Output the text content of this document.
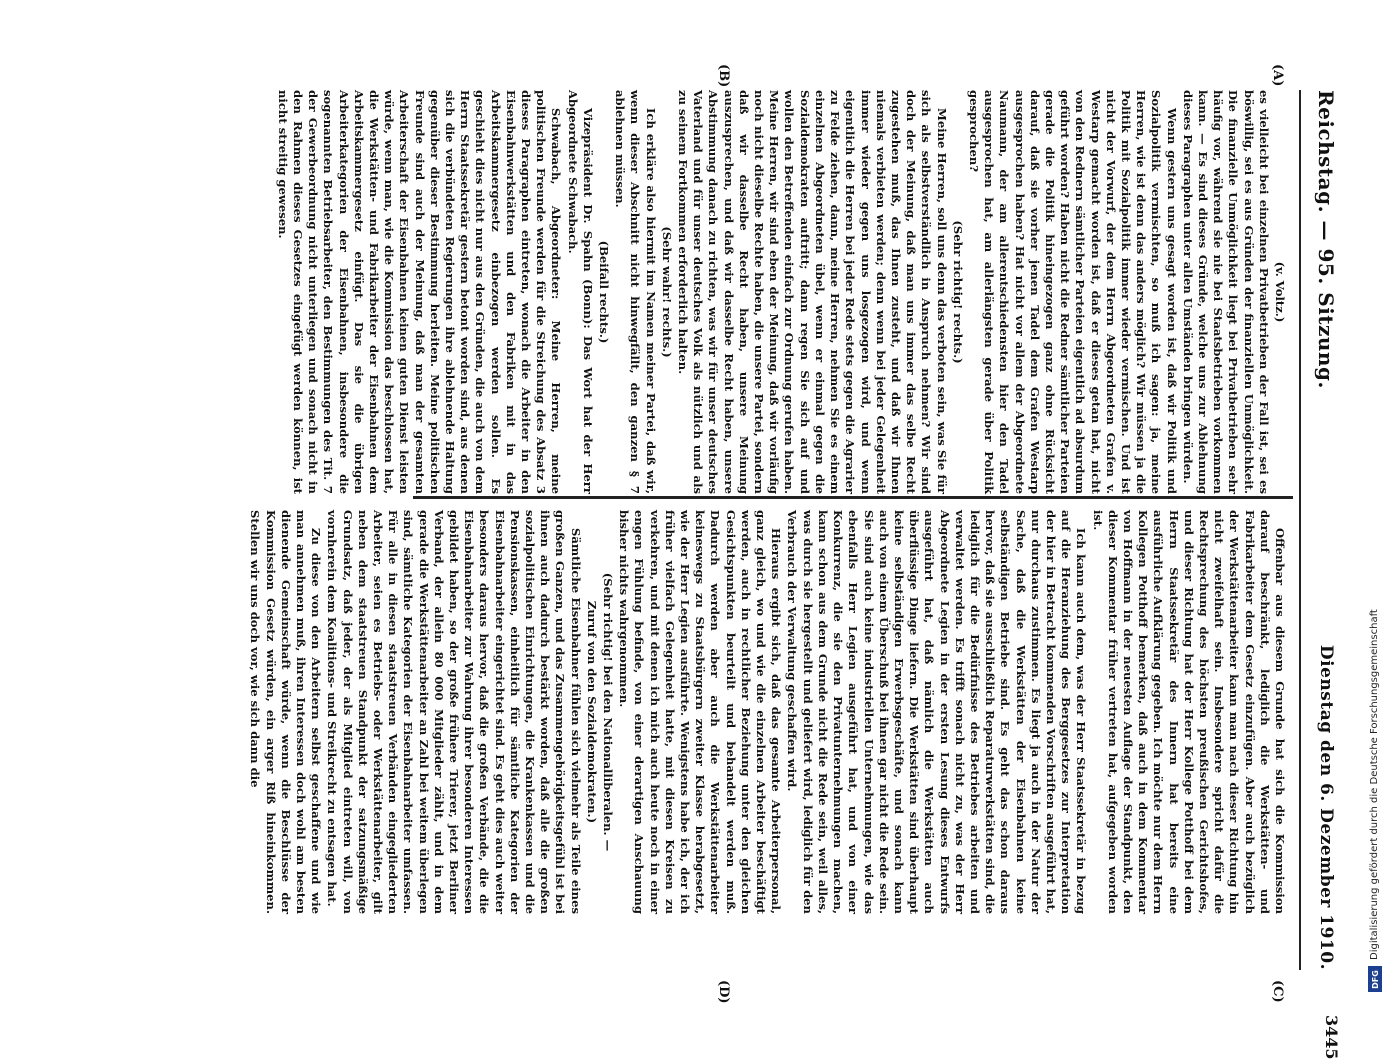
Reichstag. — 95. Sitzung.
Dienstag den 6. Dezember 1910.
3445
(A)
(B)
(C)
(D)

(v. Voltz.)

es vielleicht bei einzelnen Privatbetrieben der Fall ist, sei es böswillig, sei es aus Gründen der finanziellen Unmöglichkeit. Die finanzielle Unmöglichkeit liegt bei Privatbetrieben sehr häufig vor, während sie nie bei Staatsbetrieben vorkommen kann. — Es sind dieses Gründe, welche uns zur Ablehnung dieses Paragraphen unter allen Umständen bringen würden.

Wenn gestern uns gesagt worden ist, daß wir Politik und Sozialpolitik vermischten, so muß ich sagen: ja, meine Herren, wie ist denn das anders möglich? Wir müssen ja die Politik mit Sozialpolitik immer wieder vermischen. Und ist nicht der Vorwurf, der dem Herrn Abgeordneten Grafen v. Westarp gemacht worden ist, daß er dieses getan hat, nicht von den Rednern sämtlicher Parteien eigentlich ad absurdum geführt worden? Haben nicht die Redner sämtlicher Parteien gerade die Politik hineingezogen ganz ohne Rücksicht darauf, daß sie vorher jenen Tadel dem Grafen Westarp ausgesprochen haben? Hat nicht vor allem der Abgeordnete Naumann, der am allerentschiedensten hier den Tadel ausgesprochen hat, am allerlängsten gerade über Politik gesprochen?

(Sehr richtig! rechts.)

Meine Herren, soll uns denn das verboten sein, was Sie für sich als selbstverständlich in Anspruch nehmen? Wir sind doch der Meinung, daß man uns immer das selbe Recht zugestehen muß, das Ihnen zusteht, und daß wir Ihnen niemals verbieten werden; denn wenn bei jeder Gelegenheit immer wieder gegen uns losgezogen wird, und wenn eigentlich die Herren bei jeder Rede stets gegen die Agrarier zu Felde ziehen, dann, meine Herren, nehmen Sie es einem einzelnen Abgeordneten übel, wenn er einmal gegen die Sozialdemokraten auftritt; dann regen Sie sich auf und wollen den Betreffenden einfach zur Ordnung gerufen haben. Meine Herren, wir sind eben der Meinung, daß wir vorläufig noch nicht dieselbe Rechte haben, die unsere Partei, sondern daß wir dasselbe Recht haben, unsere Meinung auszusprechen, und daß wir dasselbe Recht haben, unsere Abstimmung danach zu richten, was wir für unser deutsches Vaterland und für unser deutsches Volk als nützlich und als zu seinem Fortkommen erforderlich halten.

(Sehr wahr! rechts.)

Ich erkläre also hiermit im Namen meiner Partei, daß wir, wenn dieser Abschnitt nicht hinwegfällt, den ganzen § 7 ablehnen müssen.

(Beifall rechts.)

Vizepräsident Dr. Spahn (Bonn): Das Wort hat der Herr Abgeordnete Schwabach.

Schwabach, Abgeordneter: Meine Herren, meine politischen Freunde werden für die Streichung des Absatz 3 dieses Paragraphen eintreten, wonach die Arbeiter in den Eisenbahnwerkstätten und den Fabriken mit in das Arbeitskammergesetz einbezogen werden sollen. Es geschieht dies nicht nur aus den Gründen, die auch von dem Herrn Staatssekretär gestern betont worden sind, aus denen sich die verbündeten Regierungen ihre ablehnende Haltung gegenüber dieser Bestimmung herleiten. Meine politischen Freunde sind auch der Meinung, daß man der gesamten Arbeiterschaft der Eisenbahnen keinen guten Dienst leisten würde, wenn man, wie die Kommission das beschlossen hat, die Werkstätten- und Fabrikarbeiter der Eisenbahnen dem Arbeitskammergesetz einfügt. Das sie die übrigen Arbeiterkategorien der Eisenbahnen, insbesondere die sogenannten Betriebsarbeiter, den Bestimmungen des Tit. 7 der Gewerbeordnung nicht unterliegen und sonach nicht in den Rahmen dieses Gesetzes eingefügt werden können, ist nicht streitig gewesen.

Offenbar aus diesem Grunde hat sich die Kommission darauf beschränkt, lediglich die Werkstätten- und Fabrikarbeiter dem Gesetz einzufügen. Aber auch bezüglich der Werkstättenarbeiter kann man nach dieser Richtung hin nicht zweifelhaft sein. Insbesondere spricht dafür die Rechtsprechung des höchsten preußischen Gerichtshofes, und dieser Richtung hat der Herr Kollege Potthoff bei dem Herrn Staatssekretär des Innern hat bereits eine ausführliche Aufklärung gegeben. Ich möchte nur dem Herrn Kollegen Potthoff bemerken, daß auch in dem Kommentar von Hoffmann in der neuesten Auflage der Standpunkt, den dieser Kommentar früher vertreten hat, aufgegeben worden ist.

Ich kann auch dem, was der Herr Staatssekretär in bezug auf die Heranziehung des Berggesetzes zur Interpretation der hier in Betracht kommenden Vorschriften ausgeführt hat, nur durchaus zustimmen. Es liegt ja auch in der Natur der Sache, daß die Werkstätten der Eisenbahnen keine selbständigen Betriebe sind. Es geht das schon daraus hervor, daß sie ausschließlich Reparaturwerkstätten sind, die lediglich für die Bedürfnisse des Betriebes arbeiten und verwaltet werden. Es trifft sonach nicht zu, was der Herr Abgeordnete Legien in der ersten Lesung dieses Entwurfs ausgeführt hat, daß nämlich die Werkstätten auch überflüssige Dinge liefern. Die Werkstätten sind überhaupt keine selbständigen Erwerbsgeschäfte, und sonach kann auch von einem Überschuß bei ihnen gar nicht die Rede sein. Sie sind auch keine industriellen Unternehmungen, wie das ebenfalls Herr Legien ausgeführt hat, und von einer Konkurrenz, die sie den Privatunternehmungen machen, kann schon aus dem Grunde nicht die Rede sein, weil alles, was durch sie hergestellt und geliefert wird, lediglich für den Verbrauch der Verwaltung geschaffen wird.

Hieraus ergibt sich, daß das gesamte Arbeiterpersonal, ganz gleich, wo und wie die einzelnen Arbeiter beschäftigt werden, auch in rechtlicher Beziehung unter den gleichen Gesichtspunkten beurteilt und behandelt werden muß. Dadurch werden aber auch die Werkstättenarbeiter keineswegs zu Staatsbürgern zweiter Klasse herabgesetzt, wie der Herr Legien ausführte. Wenigstens habe ich, der ich früher vielfach Gelegenheit hatte, mit diesen Kreisen zu verkehren, und mit denen ich mich auch heute noch in einer engen Fühlung befinde, von einer derartigen Anschauung bisher nichts wahrgenommen.

(Sehr richtig! bei den Nationalliberalen. —

Zuruf von den Sozialdemokraten.)

Sämtliche Eisenbahner fühlen sich vielmehr als Teile eines großen Ganzen, und das Zusammengehörigkeitsgefühl ist bei ihnen auch dadurch bestärkt worden, daß alle die großen sozialpolitischen Einrichtungen, die Krankenkassen und die Pensionskassen, einheitlich für sämtliche Kategorien der Eisenbahnarbeiter eingerichtet sind. Es geht dies auch weiter besonders daraus hervor, daß die großen Verbände, die die Eisenbahnarbeiter zur Wahrung ihrer besonderen Interessen gebildet haben, so der große frühere Trierer, jetzt Berliner Verband, der allein 80 000 Mitglieder zählt, und in dem gerade die Werkstättenarbeiter an Zahl bei weitem überlegen sind, sämtliche Kategorien der Eisenbahnarbeiter umfassen. Für alle in diesen staatstreuen Verbänden eingegliederten Arbeiter, seien es Betriebs- oder Werkstättenarbeiter, gilt neben dem staatstreuen Standpunkt der satzungsmäßige Grundsatz, daß jeder, der als Mitglied eintreten will, von vornherein dem Koalitions- und Streikrecht zu entsagen hat.

Zu diese von den Arbeitern selbst geschaffene und wie man annehmen muß, ihren Interessen doch wohl am besten dienende Gemeinschaft würde, wenn die Beschlüsse der Kommission Gesetz würden, ein arger Riß hineinkommen. Stellen wir uns doch vor, wie sich dann die	Digitalisierung gefördert durch die Deutsche Forschungsgemeinschaft
DFG
